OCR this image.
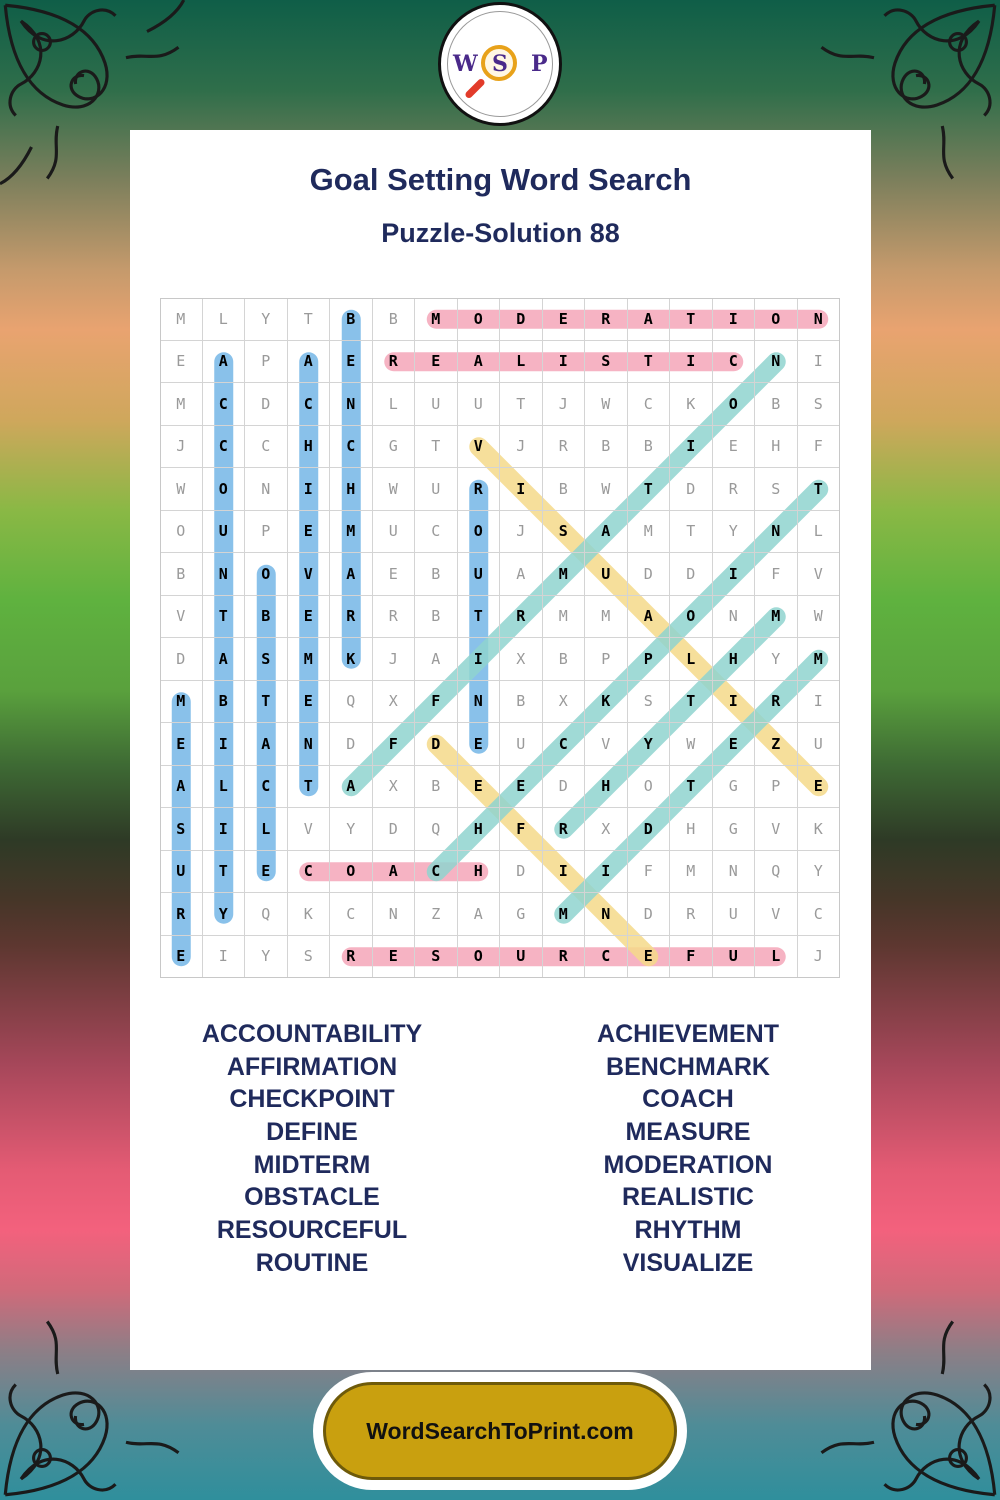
W S P
Goal Setting Word Search
Puzzle-Solution 88
M	L	Y	T	B	B	M	O	D	E	R	A	T	I	O	N
E	A	P	A	E	R	E	A	L	I	S	T	I	C	N	I
M	C	D	C	N	L	U	U	T	J	W	C	K	O	B	S
J	C	C	H	C	G	T	V	J	R	B	B	I	E	H	F
W	O	N	I	H	W	U	R	I	B	W	T	D	R	S	T
O	U	P	E	M	U	C	O	J	S	A	M	T	Y	N	L
B	N	O	V	A	E	B	U	A	M	U	D	D	I	F	V
V	T	B	E	R	R	B	T	R	M	M	A	O	N	M	W
D	A	S	M	K	J	A	I	X	B	P	P	L	H	Y	M
M	B	T	E	Q	X	F	N	B	X	K	S	T	I	R	I
E	I	A	N	D	F	D	E	U	C	V	Y	W	E	Z	U
A	L	C	T	A	X	B	E	E	D	H	O	T	G	P	E
S	I	L	V	Y	D	Q	H	F	R	X	D	H	G	V	K
U	T	E	C	O	A	C	H	D	I	I	F	M	N	Q	Y
R	Y	Q	K	C	N	Z	A	G	M	N	D	R	U	V	C
E	I	Y	S	R	E	S	O	U	R	C	E	F	U	L	J
ACCOUNTABILITY
AFFIRMATION
CHECKPOINT
DEFINE
MIDTERM
OBSTACLE
RESOURCEFUL
ROUTINE
ACHIEVEMENT
BENCHMARK
COACH
MEASURE
MODERATION
REALISTIC
RHYTHM
VISUALIZE
WordSearchToPrint.com
